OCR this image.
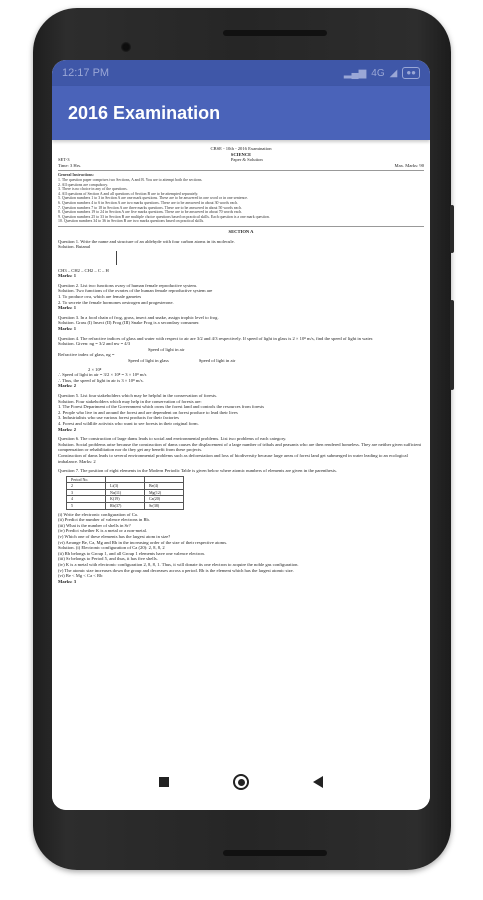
12:17 PM	▂▄▆ 4G ◢	●●
2016 Examination

CBSE - 10th - 2016 Examination

SCIENCE

SET-3	Paper & Solution
Time: 3 Hrs.	Max. Marks: 90

General Instructions:

1. The question paper comprises two Sections, A and B. You are to attempt both the sections.

2. All questions are compulsory.

3. There is no choice in any of the questions.

4. All questions of Section A and all questions of Section B are to be attempted separately.

5. Question numbers 1 to 3 in Section A are one mark questions. These are to be answered in one word or in one sentence.

6. Question numbers 4 to 6 in Section A are two marks questions. These are to be answered in about 30 words each.

7. Question numbers 7 to 18 in Section A are three marks questions. These are to be answered in about 50 words each.

8. Question numbers 19 to 24 in Section A are five marks questions. These are to be answered in about 70 words each.

9. Question numbers 25 to 33 in Section B are multiple choice questions based on practical skills. Each question is a one mark question.

10. Question numbers 34 to 36 in Section B are two marks questions based on practical skills.

SECTION A

Question 1. Write the name and structure of an aldehyde with four carbon atoms in its molecule.

Solution. Butanal

CH3 – CH2 – CH2 – C – H

Marks: 1

Question 2. List two functions ovary of human female reproductive system.

Solution. Two functions of the ovaries of the human female reproductive system are

1. To produce ova, which are female gametes

2. To secrete the female hormones oestrogen and progesterone.

Marks: 1

Question 3. In a food chain of frog, grass, insect and snake, assign trophic level to frog.

Solution. Grass (I) Insect (II) Frog (III) Snake Frog is a secondary consumer.

Marks: 1

Question 4. The refractive indices of glass and water with respect to air are 3/2 and 4/3 respectively. If speed of light in glass is 2 × 10⁸ m/s, find the speed of light in water.

Solution. Given: ng = 3/2 and nw = 4/3

Speed of light in air

Refractive index of glass, ng =

Speed of light in glass	Speed of light in air

2 × 10⁸

∴ Speed of light in air = 3/2 × 10⁸ = 3 × 10⁸ m/s

∴ Thus, the speed of light in air is 3 × 10⁸ m/s.

Marks: 2

Question 5. List four stakeholders which may be helpful in the conservation of forests.

Solution. Four stakeholders which may help in the conservation of forests are:

1. The Forest Department of the Government which owns the forest land and controls the resources from forests

2. People who live in and around the forest and are dependent on forest produce to lead their lives

3. Industrialists who use various forest products for their factories

4. Forest and wildlife activists who want to see forests in their original form.

Marks: 2

Question 6. The construction of large dams leads to social and environmental problems. List two problems of each category.

Solution. Social problems arise because the construction of dams causes the displacement of a large number of tribals and peasants who are then rendered homeless. They are neither given sufficient compensation or rehabilitation nor do they get any benefit from these projects.

Construction of dams leads to several environmental problems such as deforestation and loss of biodiversity because large areas of forest land get submerged in water leading to an ecological imbalance. Marks: 2

Question 7. The position of eight elements in the Modern Periodic Table is given below where atomic numbers of elements are given in the parenthesis.

Period No.		
2	Li(3)	Be(4)
3	Na(11)	Mg(12)
4	K(19)	Ca(20)
5	Rb(37)	Sr(38)

(i) Write the electronic configuration of Ca.

(ii) Predict the number of valence electrons in Rb.

(iii) What is the number of shells in Sr?

(iv) Predict whether K is a metal or a non-metal.

(v) Which one of these elements has the largest atom in size?

(vi) Arrange Be, Ca, Mg and Rb in the increasing order of the size of their respective atoms.

Solution. (i) Electronic configuration of Ca (20): 2, 8, 8, 2

(ii) Rb belongs to Group 1, and all Group 1 elements have one valence electron.

(iii) Sr belongs to Period 5, and thus, it has five shells.

(iv) K is a metal with electronic configuration 2, 8, 8, 1. Thus, it will donate its one electron to acquire the noble gas configuration.

(v) The atomic size increases down the group and decreases across a period. Rb is the element which has the largest atomic size.

(vi) Be < Mg < Ca < Rb

Marks: 3
